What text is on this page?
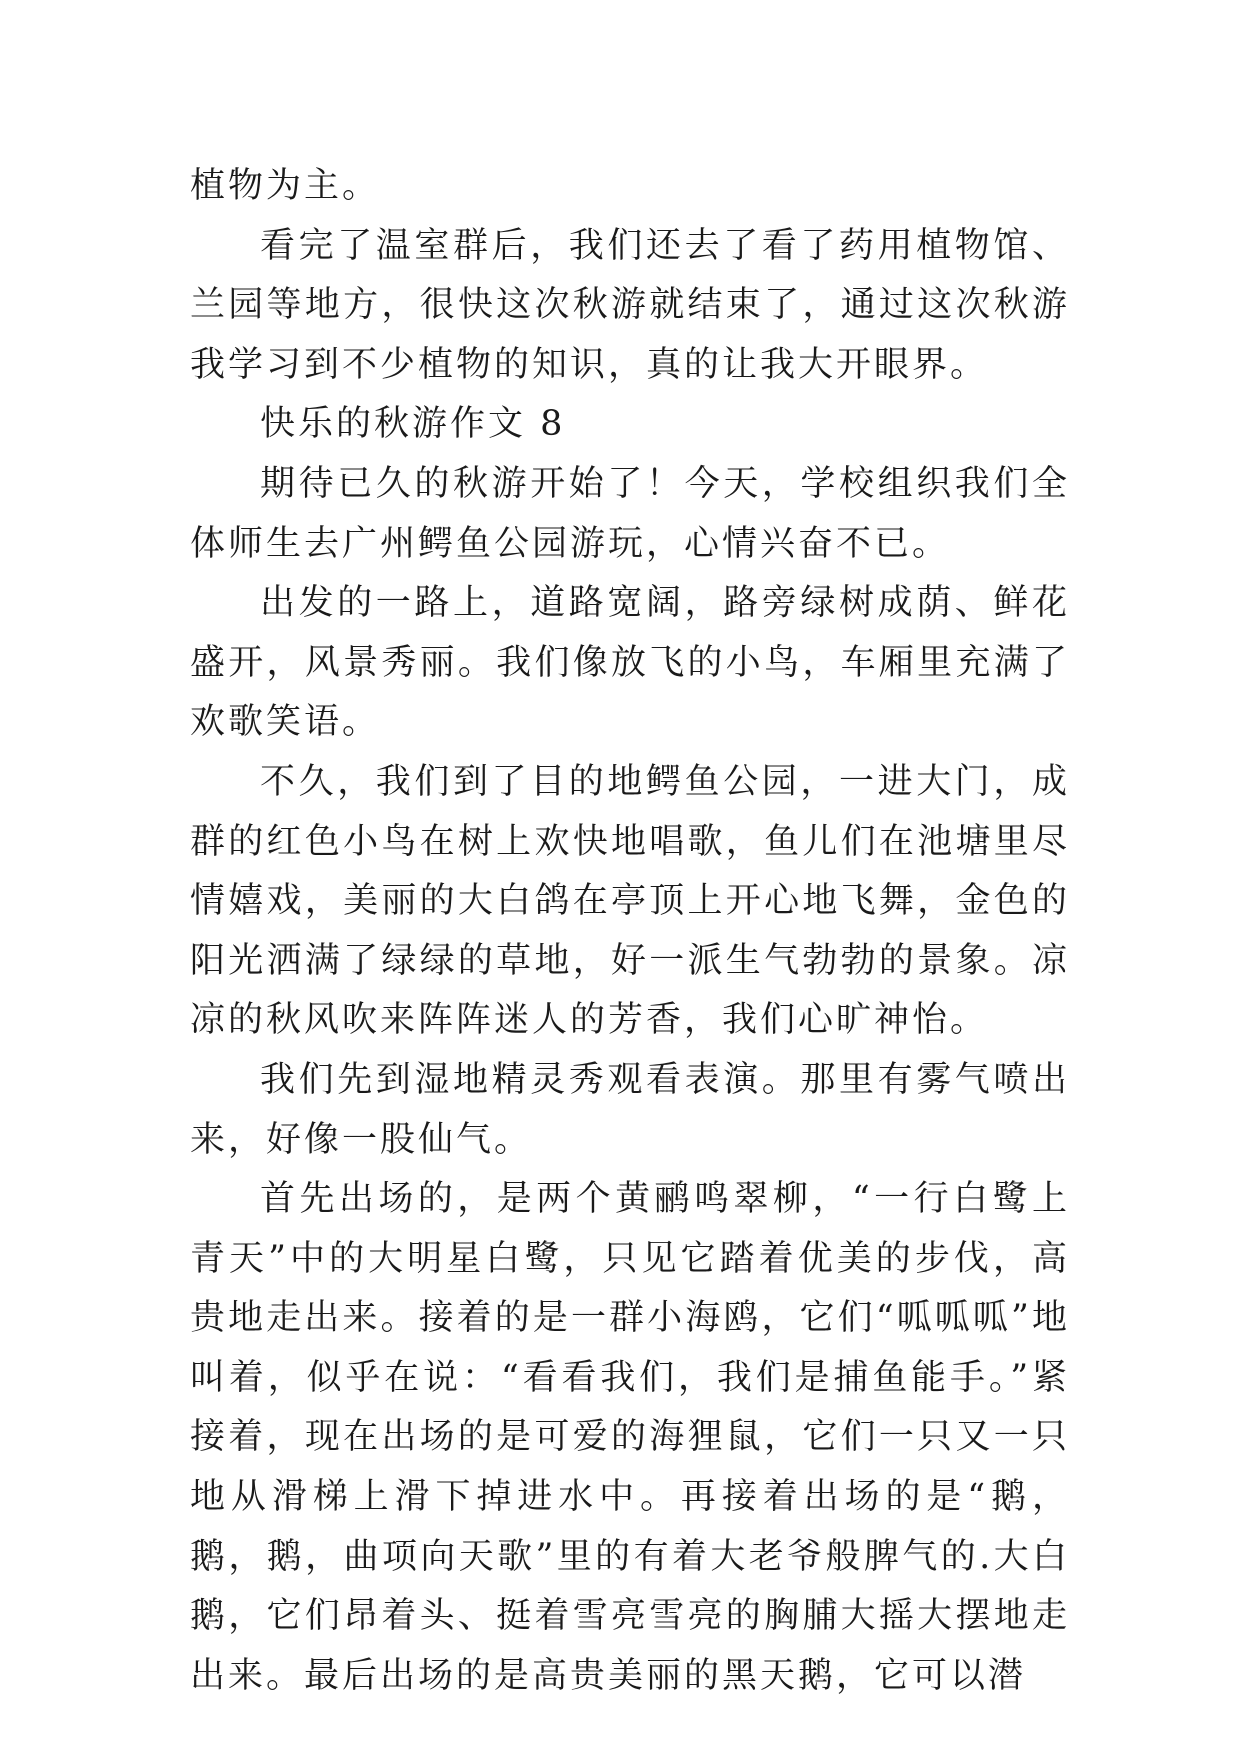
植物为主。

看完了温室群后，我们还去了看了药用植物馆、兰园等地方，很快这次秋游就结束了，通过这次秋游我学习到不少植物的知识，真的让我大开眼界。

快乐的秋游作文 8

期待已久的秋游开始了！今天，学校组织我们全体师生去广州鳄鱼公园游玩，心情兴奋不已。

出发的一路上，道路宽阔，路旁绿树成荫、鲜花盛开，风景秀丽。我们像放飞的小鸟，车厢里充满了欢歌笑语。

不久，我们到了目的地鳄鱼公园，一进大门，成群的红色小鸟在树上欢快地唱歌，鱼儿们在池塘里尽情嬉戏，美丽的大白鸽在亭顶上开心地飞舞，金色的阳光洒满了绿绿的草地，好一派生气勃勃的景象。凉凉的秋风吹来阵阵迷人的芳香，我们心旷神怡。

我们先到湿地精灵秀观看表演。那里有雾气喷出来，好像一股仙气。

首先出场的，是两个黄鹂鸣翠柳，“一行白鹭上青天”中的大明星白鹭，只见它踏着优美的步伐，高贵地走出来。接着的是一群小海鸥，它们“呱呱呱”地叫着，似乎在说：“看看我们，我们是捕鱼能手。”紧接着，现在出场的是可爱的海狸鼠，它们一只又一只地从滑梯上滑下掉进水中。再接着出场的是“鹅，鹅，鹅，曲项向天歌”里的有着大老爷般脾气的.大白鹅，它们昂着头、挺着雪亮雪亮的胸脯大摇大摆地走出来。最后出场的是高贵美丽的黑天鹅，它可以潜
